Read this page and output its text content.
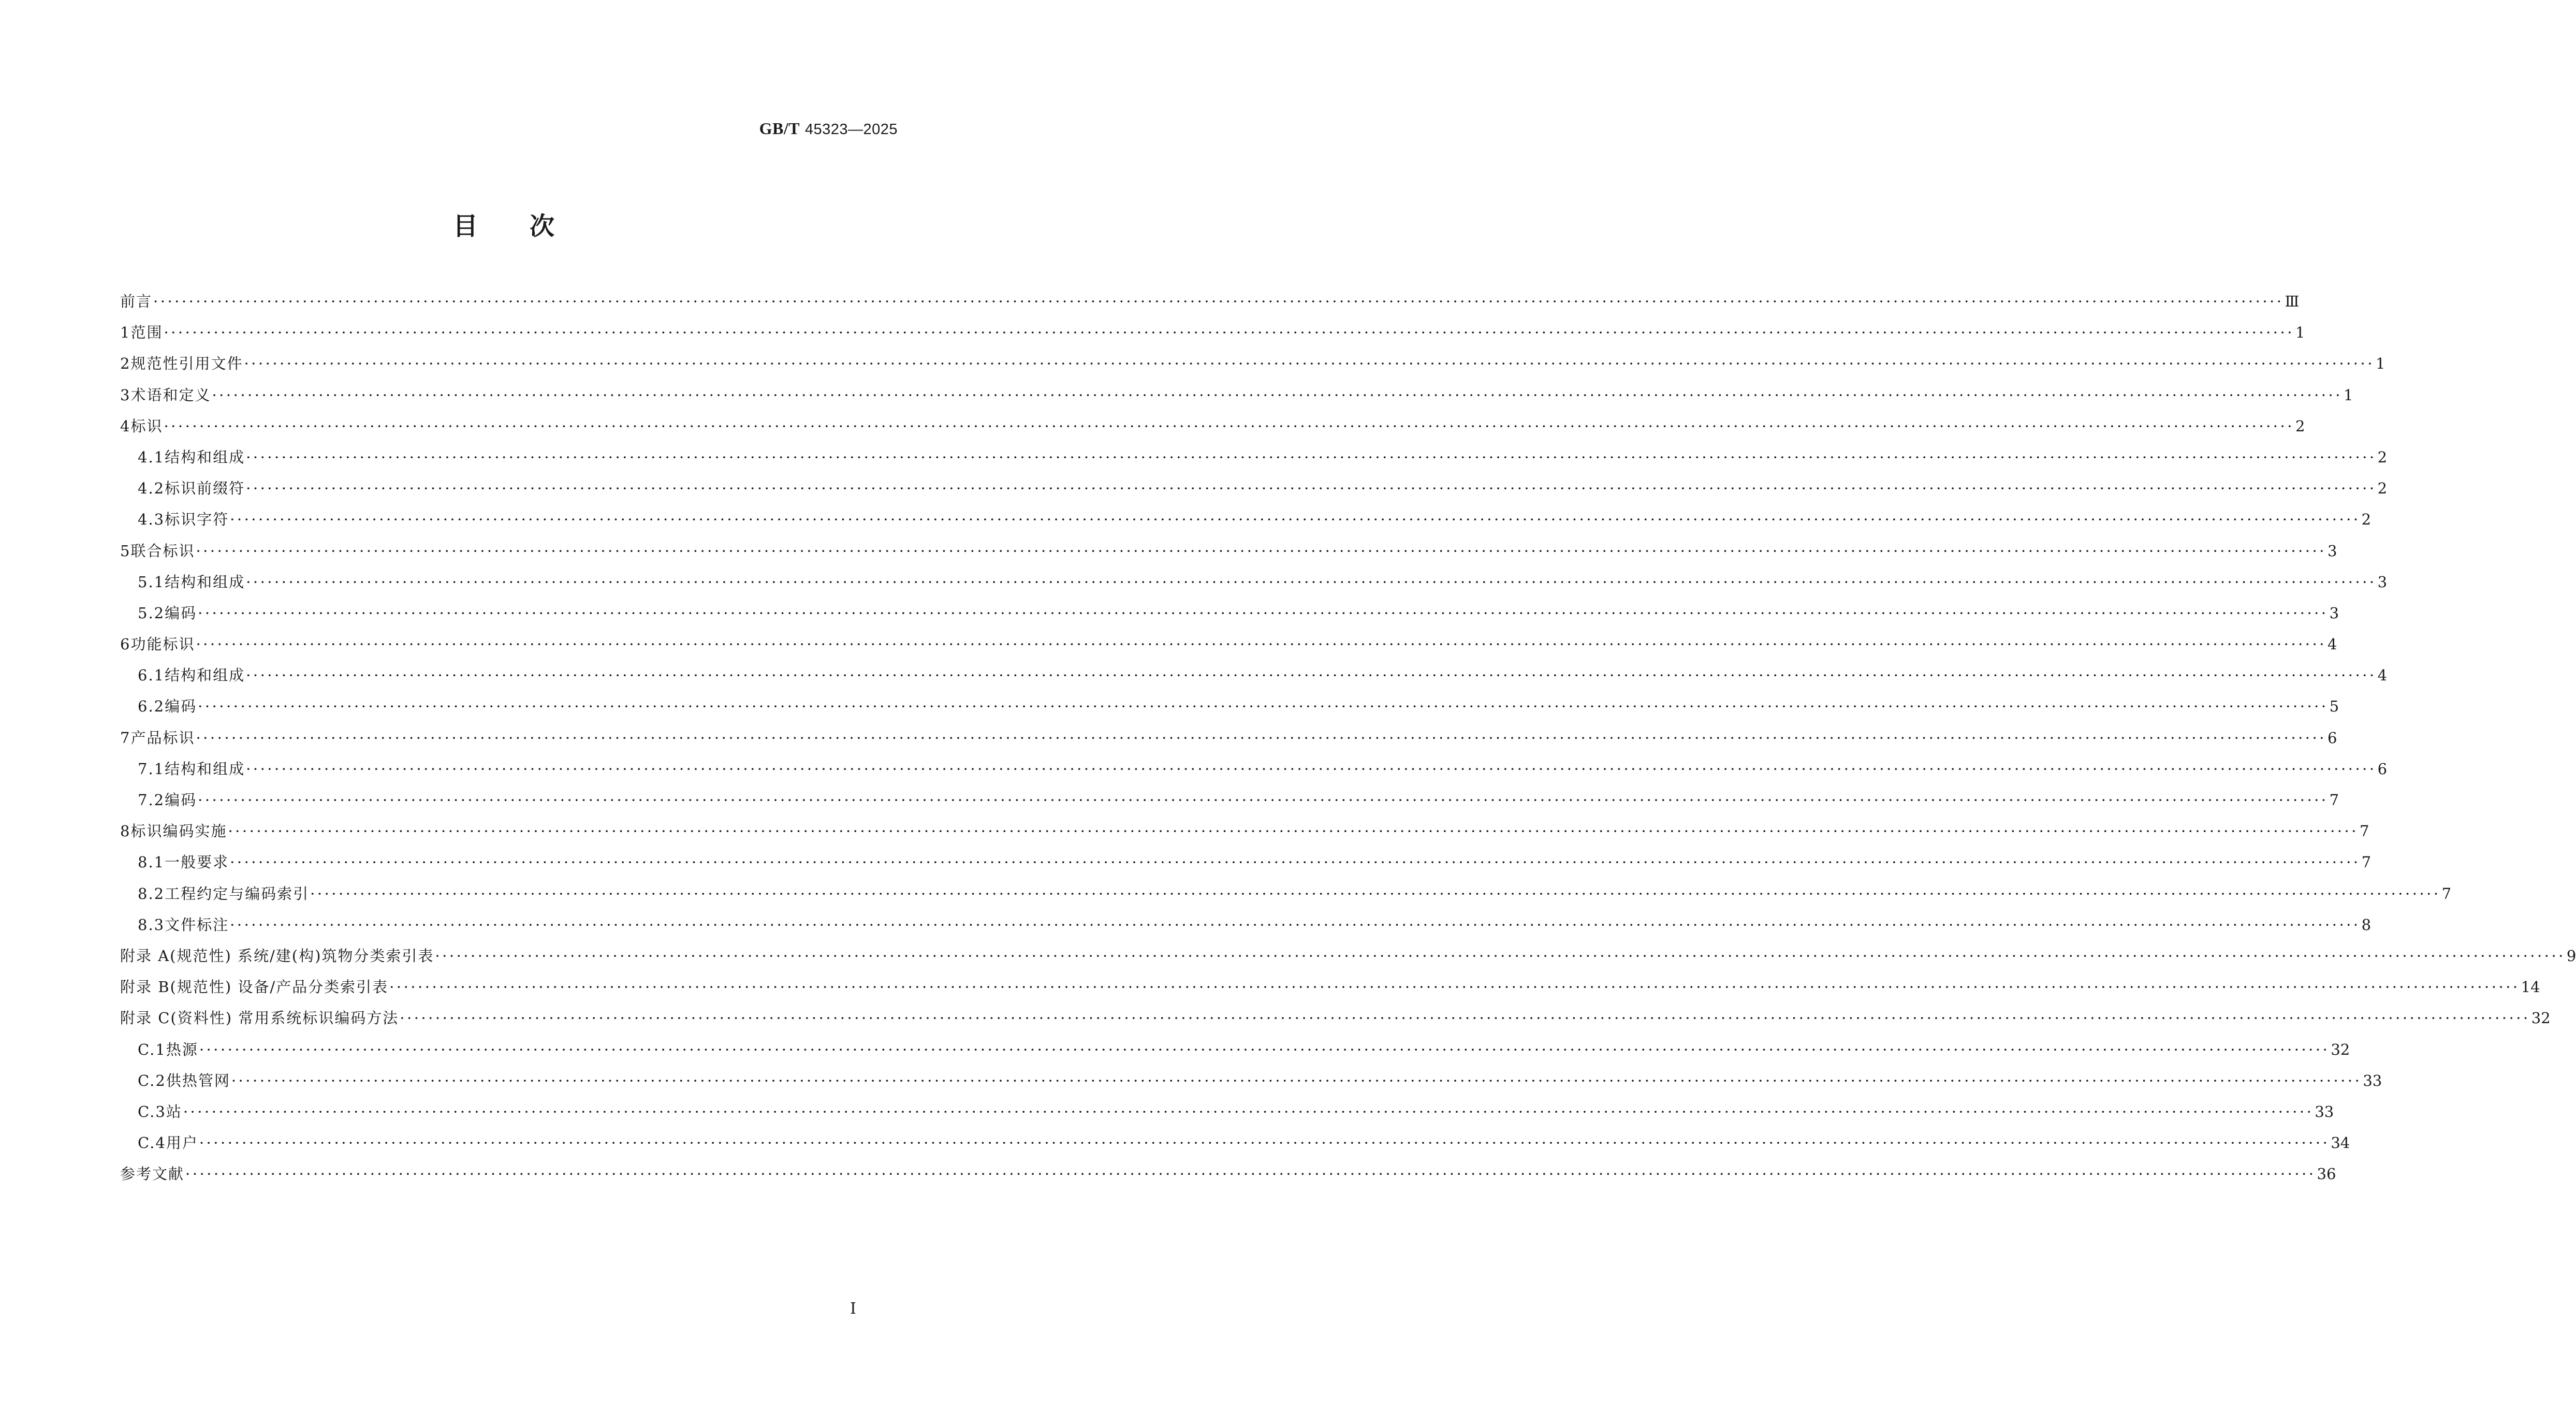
GB/T 45323—2025
目 次
前言 ············································································································································································································································································································ Ⅲ
1 范围 ············································································································································································································································································································ 1
2 规范性引用文件 ············································································································································································································································································································ 1
3 术语和定义 ············································································································································································································································································································ 1
4 标识 ············································································································································································································································································································ 2
4.1 结构和组成 ············································································································································································································································································································ 2
4.2 标识前缀符 ············································································································································································································································································································ 2
4.3 标识字符 ············································································································································································································································································································ 2
5 联合标识 ············································································································································································································································································································ 3
5.1 结构和组成 ············································································································································································································································································································ 3
5.2 编码 ············································································································································································································································································································ 3
6 功能标识 ············································································································································································································································································································ 4
6.1 结构和组成 ············································································································································································································································································································ 4
6.2 编码 ············································································································································································································································································································ 5
7 产品标识 ············································································································································································································································································································ 6
7.1 结构和组成 ············································································································································································································································································································ 6
7.2 编码 ············································································································································································································································································································ 7
8 标识编码实施 ············································································································································································································································································································ 7
8.1 一般要求 ············································································································································································································································································································ 7
8.2 工程约定与编码索引 ············································································································································································································································································································ 7
8.3 文件标注 ············································································································································································································································································································ 8
附录 A(规范性) 系统/建(构)筑物分类索引表 ············································································································································································································································································································ 9
附录 B(规范性) 设备/产品分类索引表 ············································································································································································································································································································ 14
附录 C(资料性) 常用系统标识编码方法 ············································································································································································································································································································ 32
C.1 热源 ············································································································································································································································································································ 32
C.2 供热管网 ············································································································································································································································································································ 33
C.3 站 ············································································································································································································································································································ 33
C.4 用户 ············································································································································································································································································································ 34
参考文献 ············································································································································································································································································································ 36
Ⅰ
